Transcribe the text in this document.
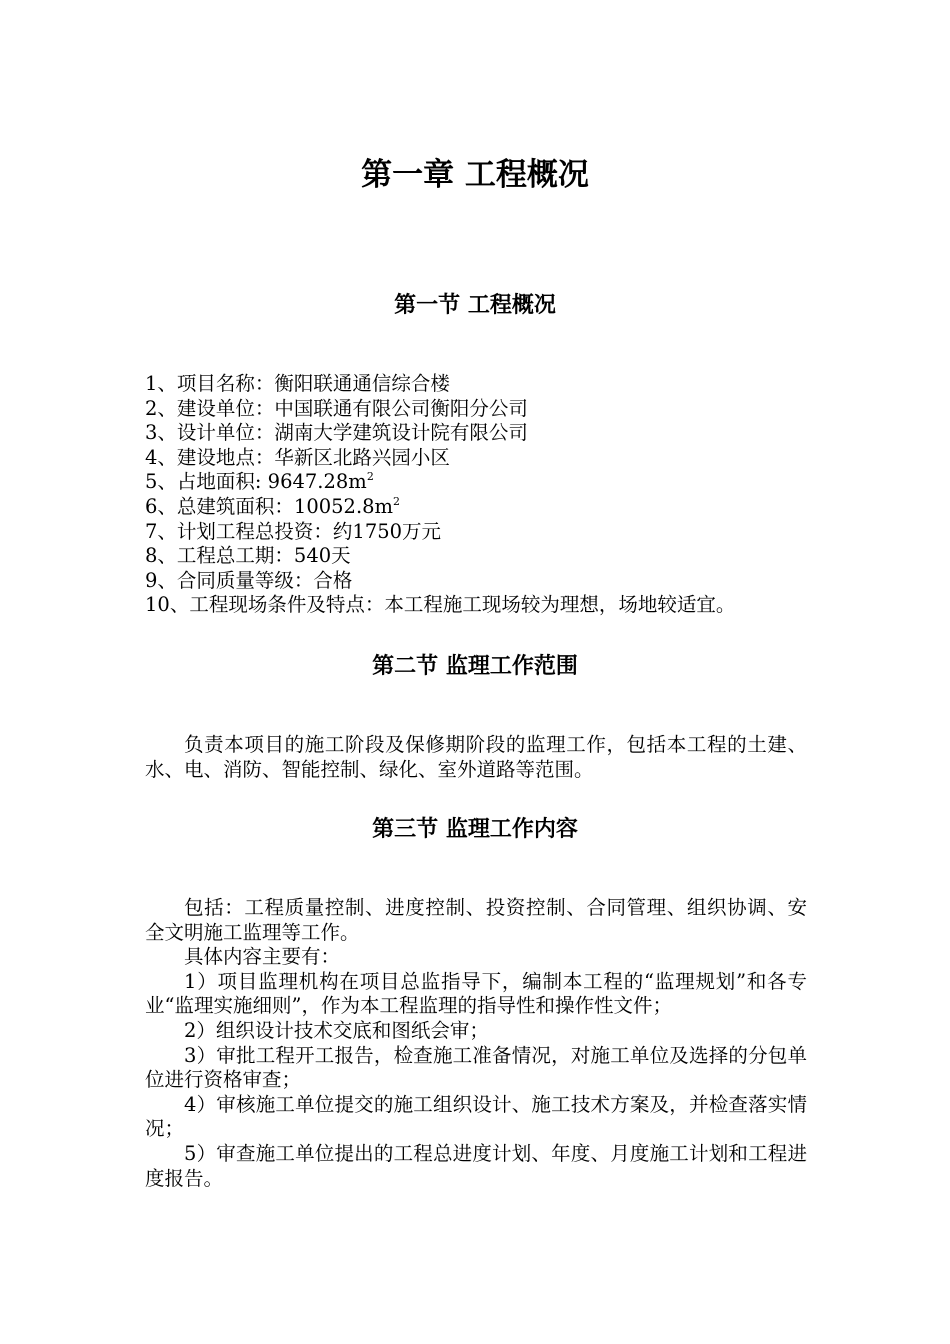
第一章 工程概况
第一节 工程概况
1、项目名称：衡阳联通通信综合楼
2、建设单位：中国联通有限公司衡阳分公司
3、设计单位：湖南大学建筑设计院有限公司
4、建设地点：华新区北路兴园小区
5、占地面积: $9647.28m^2$
6、总建筑面积：$10052.8m^2$
7、计划工程总投资：约1750万元
8、工程总工期：540天
9、合同质量等级：合格
10、工程现场条件及特点：本工程施工现场较为理想，场地较适宜。
第二节 监理工作范围

负责本项目的施工阶段及保修期阶段的监理工作，包括本工程的土建、水、电、消防、智能控制、绿化、室外道路等范围。

第三节 监理工作内容

包括：工程质量控制、进度控制、投资控制、合同管理、组织协调、安全文明施工监理等工作。

具体内容主要有：

1）项目监理机构在项目总监指导下，编制本工程的“监理规划”和各专业“监理实施细则”，作为本工程监理的指导性和操作性文件；

2）组织设计技术交底和图纸会审；

3）审批工程开工报告，检查施工准备情况，对施工单位及选择的分包单位进行资格审查；

4）审核施工单位提交的施工组织设计、施工技术方案及，并检查落实情况；

5）审查施工单位提出的工程总进度计划、年度、月度施工计划和工程进度报告。
